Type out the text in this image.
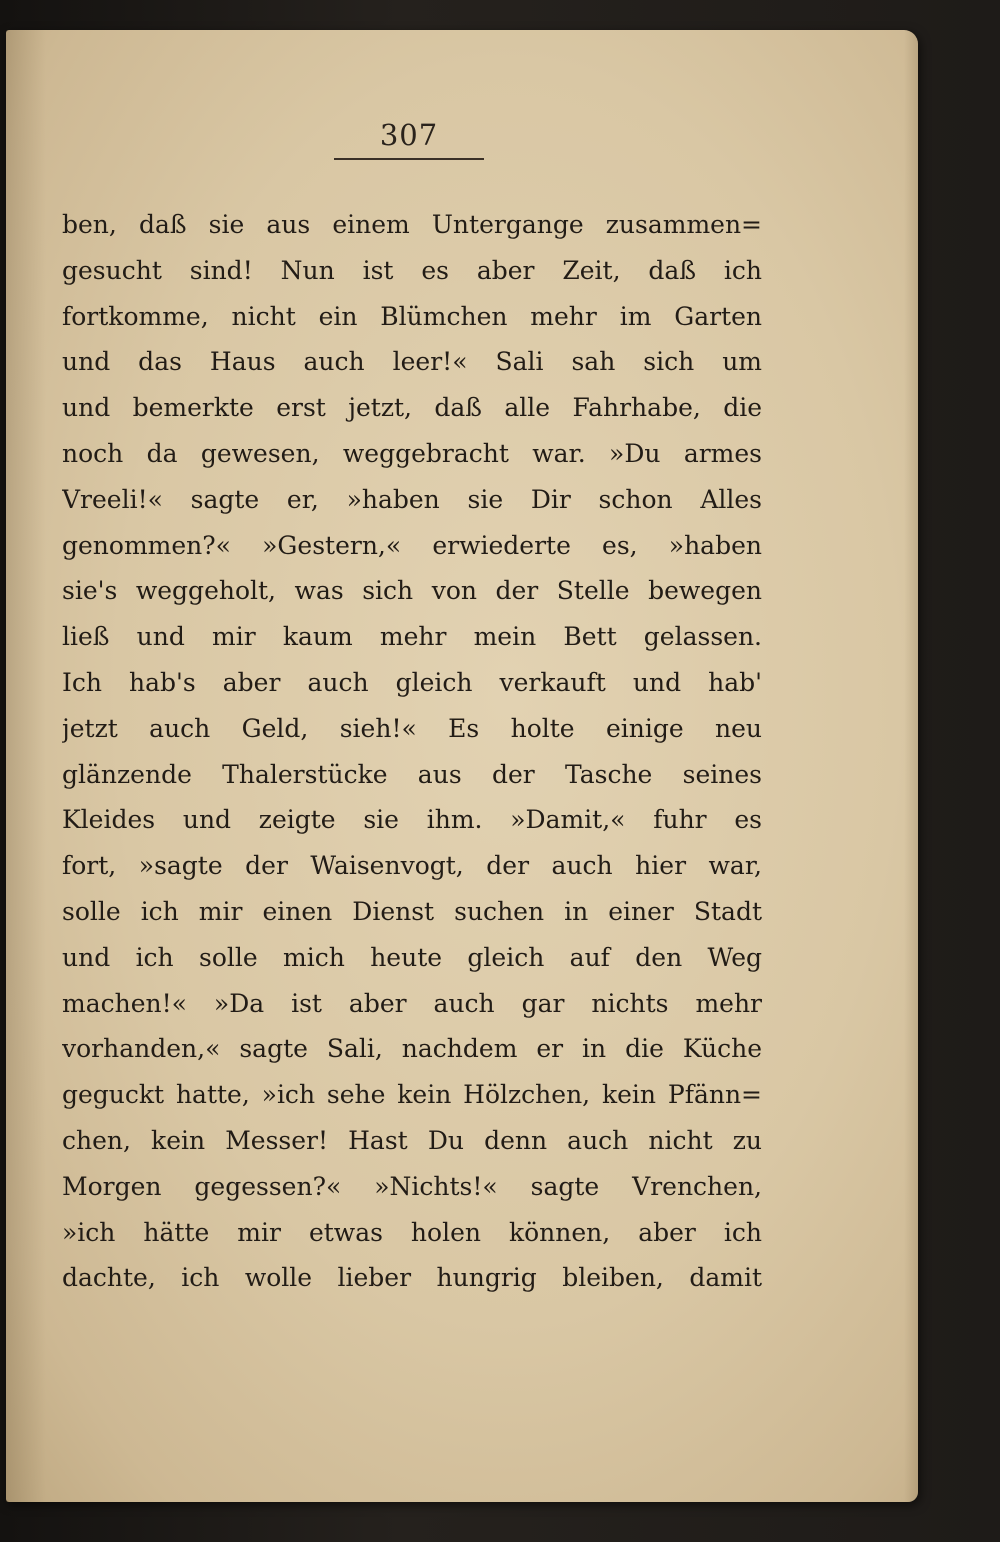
307
ben, daß sie aus einem Untergange zusammen=
gesucht sind! Nun ist es aber Zeit, daß ich
fortkomme, nicht ein Blümchen mehr im Garten
und das Haus auch leer!« Sali sah sich um
und bemerkte erst jetzt, daß alle Fahrhabe, die
noch da gewesen, weggebracht war. »Du armes
Vreeli!« sagte er, »haben sie Dir schon Alles
genommen?« »Gestern,« erwiederte es, »haben
sie's weggeholt, was sich von der Stelle bewegen
ließ und mir kaum mehr mein Bett gelassen.
Ich hab's aber auch gleich verkauft und hab'
jetzt auch Geld, sieh!« Es holte einige neu
glänzende Thalerstücke aus der Tasche seines
Kleides und zeigte sie ihm. »Damit,« fuhr es
fort, »sagte der Waisenvogt, der auch hier war,
solle ich mir einen Dienst suchen in einer Stadt
und ich solle mich heute gleich auf den Weg
machen!« »Da ist aber auch gar nichts mehr
vorhanden,« sagte Sali, nachdem er in die Küche
geguckt hatte, »ich sehe kein Hölzchen, kein Pfänn=
chen, kein Messer! Hast Du denn auch nicht zu
Morgen gegessen?« »Nichts!« sagte Vrenchen,
»ich hätte mir etwas holen können, aber ich
dachte, ich wolle lieber hungrig bleiben, damit
